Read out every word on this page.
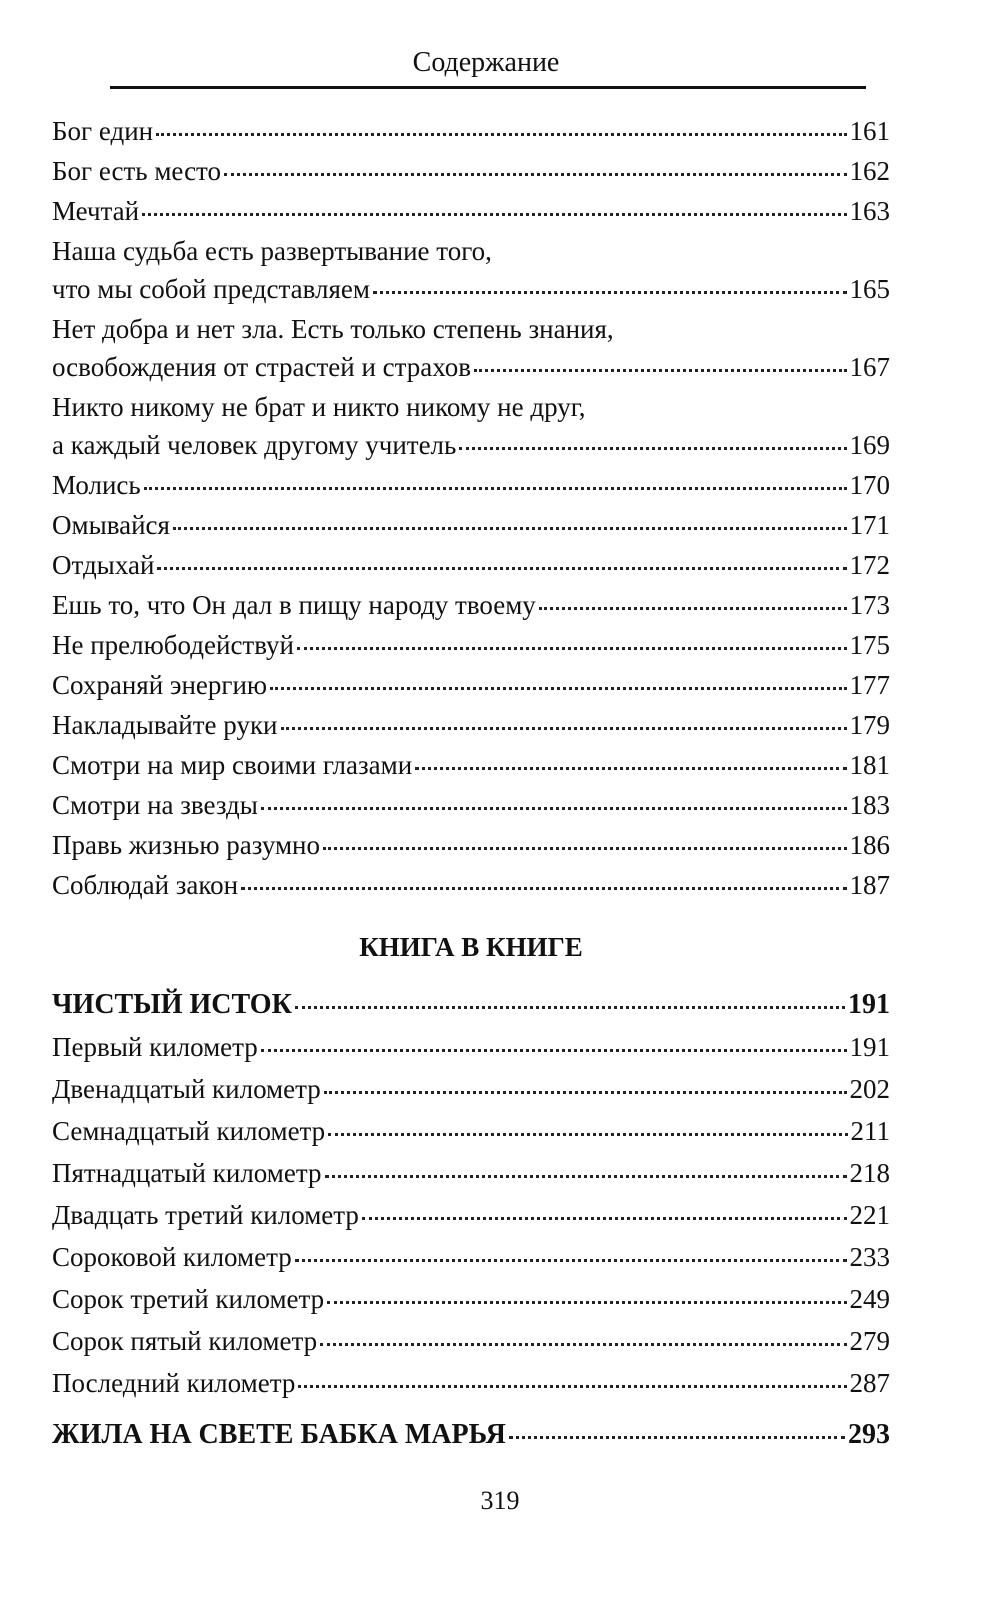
Содержание
Бог един	161
Бог есть место	162
Мечтай	163
Наша судьба есть развертывание того,
что мы собой представляем	165
Нет добра и нет зла. Есть только степень знания,
освобождения от страстей и страхов	167
Никто никому не брат и никто никому не друг,
а каждый человек другому учитель	169
Молись	170
Омывайся	171
Отдыхай	172
Ешь то, что Он дал в пищу народу твоему	173
Не прелюбодействуй	175
Сохраняй энергию	177
Накладывайте руки	179
Смотри на мир своими глазами	181
Смотри на звезды	183
Правь жизнью разумно	186
Соблюдай закон	187
КНИГА В КНИГЕ
ЧИСТЫЙ ИСТОК	191
Первый километр	191
Двенадцатый километр	202
Семнадцатый километр	211
Пятнадцатый километр	218
Двадцать третий километр	221
Сороковой километр	233
Сорок третий километр	249
Сорок пятый километр	279
Последний километр	287
ЖИЛА НА СВЕТЕ БАБКА МАРЬЯ	293
319
